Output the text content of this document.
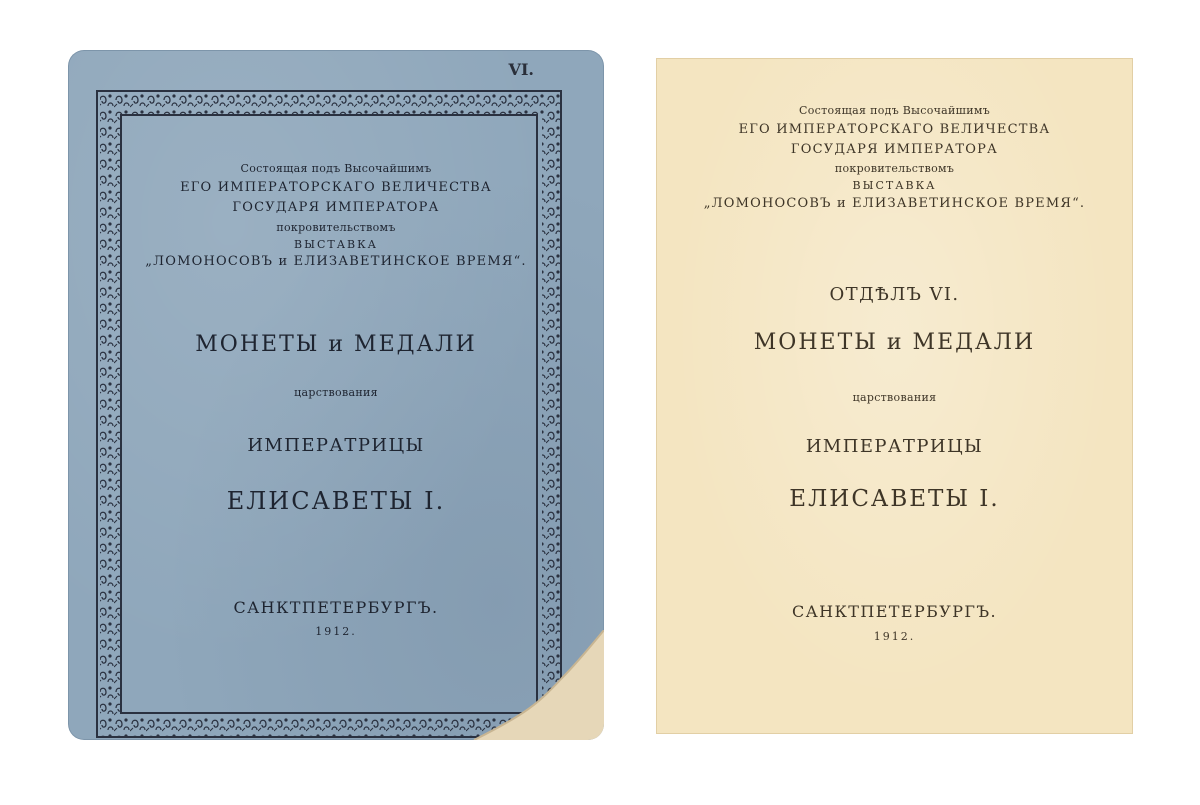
VI.
Состоящая подъ Высочайшимъ
ЕГО ИМПЕРАТОРСКАГО ВЕЛИЧЕСТВА
ГОСУДАРЯ ИМПЕРАТОРА
покровительствомъ
ВЫСТАВКА
„ЛОМОНОСОВЪ и ЕЛИЗАВЕТИНСКОЕ ВРЕМЯ“.
МОНЕТЫ и МЕДАЛИ
царствования
ИМПЕРАТРИЦЫ
ЕЛИСАВЕТЫ I.
САНКТПЕТЕРБУРГЪ.
1912.
Состоящая подъ Высочайшимъ
ЕГО ИМПЕРАТОРСКАГО ВЕЛИЧЕСТВА
ГОСУДАРЯ ИМПЕРАТОРА
покровительствомъ
ВЫСТАВКА
„ЛОМОНОСОВЪ и ЕЛИЗАВЕТИНСКОЕ ВРЕМЯ“.
ОТДѢЛЪ VI.
МОНЕТЫ и МЕДАЛИ
царствования
ИМПЕРАТРИЦЫ
ЕЛИСАВЕТЫ I.
САНКТПЕТЕРБУРГЪ.
1912.
